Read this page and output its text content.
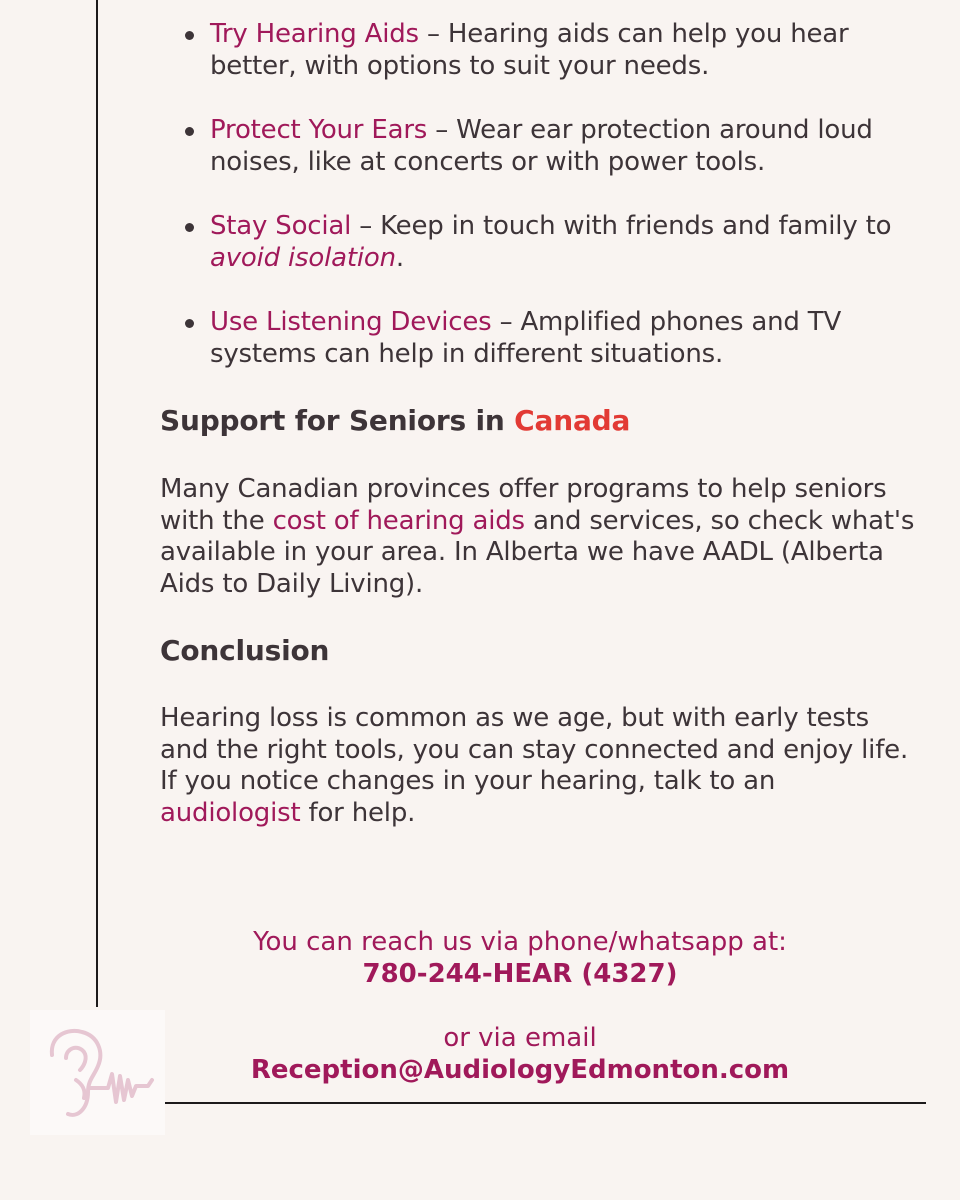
Try Hearing Aids – Hearing aids can help you hear better, with options to suit your needs.
Protect Your Ears – Wear ear protection around loud noises, like at concerts or with power tools.
Stay Social – Keep in touch with friends and family to avoid isolation.
Use Listening Devices – Amplified phones and TV systems can help in different situations.
Support for Seniors in Canada

Many Canadian provinces offer programs to help seniors with the cost of hearing aids and services, so check what's available in your area. In Alberta we have AADL (Alberta Aids to Daily Living).

Conclusion

Hearing loss is common as we age, but with early tests and the right tools, you can stay connected and enjoy life. If you notice changes in your hearing, talk to an audiologist for help.

You can reach us via phone/whatsapp at:

780-244-HEAR (4327)

or via email

Reception@AudiologyEdmonton.com
